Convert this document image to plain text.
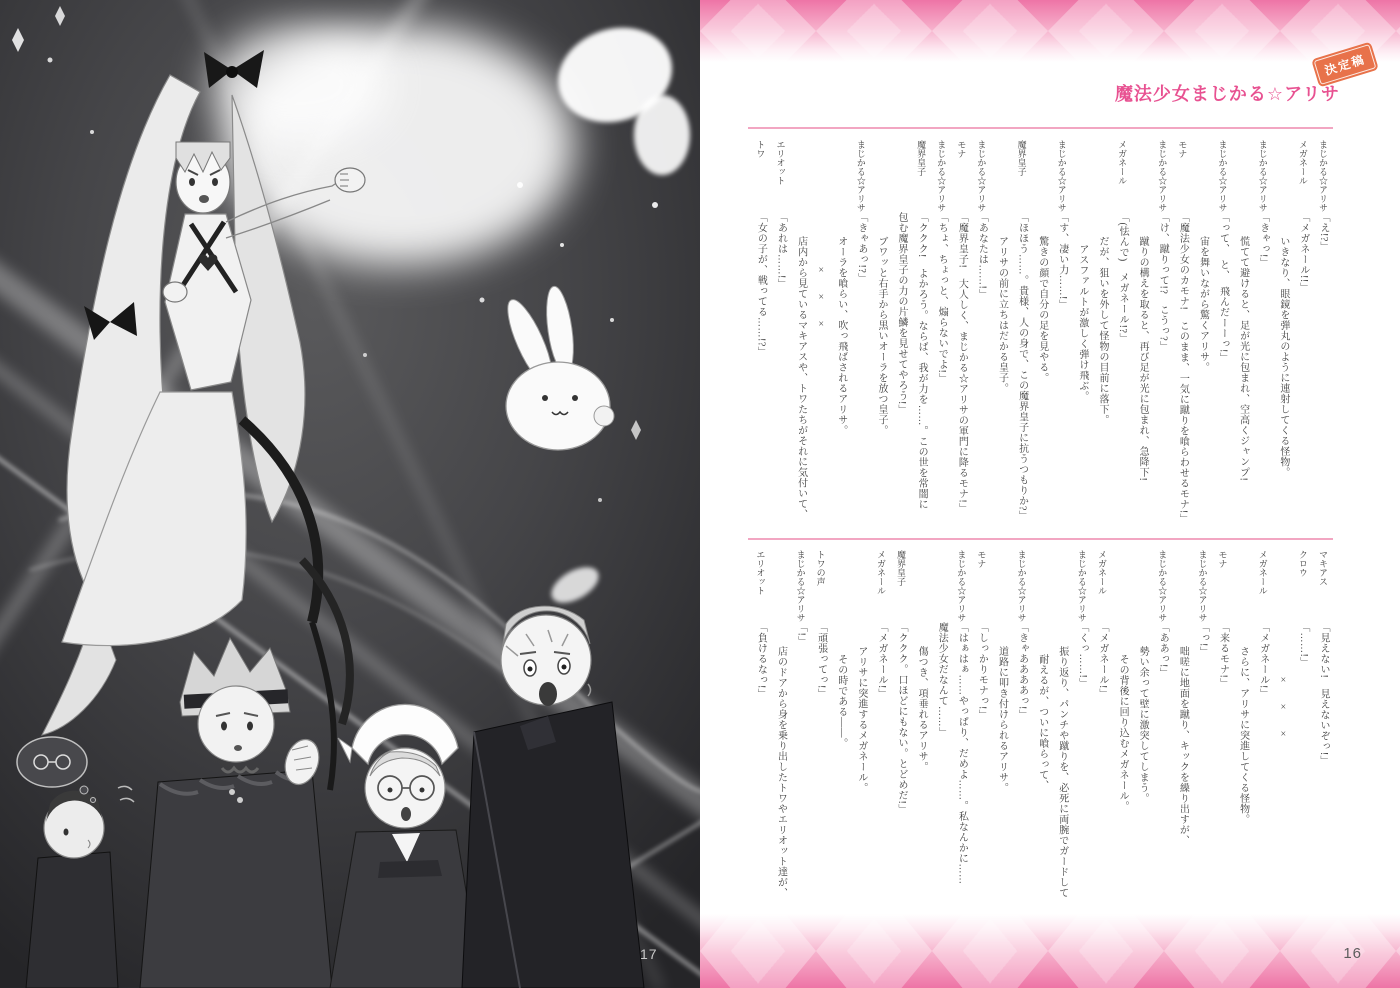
17
決定稿
魔法少女まじかる☆アリサ
まじかる☆アリサ「え!?」
メガネール「メガネール!!」
いきなり、眼鏡を弾丸のように連射してくる怪物。
まじかる☆アリサ「きゃっ!」
慌てて避けると、足が光に包まれ、空高くジャンプ!
まじかる☆アリサ「って、　と、　飛んだーーっ!」
宙を舞いながら驚くアリサ。
モナ「魔法少女のカモナ!　このまま、一気に蹴りを喰らわせるモナ!」
まじかる☆アリサ「け、蹴りって!?　こうっ?」
蹴りの構えを取ると、再び足が光に包まれ、急降下!
メガネール「(怯んで)　メガネール!?」
だが、狙いを外して怪物の目前に落下。
アスファルトが激しく弾け飛ぶ。
まじかる☆アリサ「す、凄い力……!」
驚きの顔で自分の足を見やる。
魔界皇子「ほほう……。貴様、人の身で、この魔界皇子に抗うつもりか?」
アリサの前に立ちはだかる皇子。
まじかる☆アリサ「あなたは……!」
モナ「魔界皇子!　大人しく、まじかる☆アリサの軍門に降るモナ!」
まじかる☆アリサ「ちょ、ちょっと、煽らないでよ!」
魔界皇子「ククク!　よかろう。ならば、我が力を……。この世を常闇に
包む魔界皇子の力の片鱗を見せてやろう!」
ブワッと右手から黒いオーラを放つ皇子。
まじかる☆アリサ「きゃあっ!?」
オーラを喰らい、吹っ飛ばされるアリサ。
×××
店内から見ているマキアスや、トワたちがそれに気付いて、
エリオット「あれは……!」
トワ「女の子が、戦ってる……!?」
マキアス「見えない!　見えないぞっ!」
クロウ「……!」
×××
メガネール「メガネール!」
さらに、アリサに突進してくる怪物。
モナ「来るモナ!」
まじかる☆アリサ「っ!」
咄嗟に地面を蹴り、キックを繰り出すが、
まじかる☆アリサ「ああっ!」
勢い余って壁に激突してしまう。
その背後に回り込むメガネール。
メガネール「メガネール!」
まじかる☆アリサ「くっ……!」
振り返り、パンチや蹴りを、必死に両腕でガードして
耐えるが、ついに喰らって、
まじかる☆アリサ「きゃああああっ!」
道路に叩き付けられるアリサ。
モナ「しっかりモナっ!」
まじかる☆アリサ「はぁはぁ……やっぱり、だめよ……。私なんかに……
魔法少女だなんて……」
傷つき、項垂れるアリサ。
魔界皇子「ククク。口ほどにもない。とどめだ!」
メガネール「メガネール!」
アリサに突進するメガネール。
その時である――。
トワの声「頑張ってっ!」
まじかる☆アリサ「!」
店のドアから身を乗り出したトワやエリオット達が、
エリオット「負けるなっ!」
16
